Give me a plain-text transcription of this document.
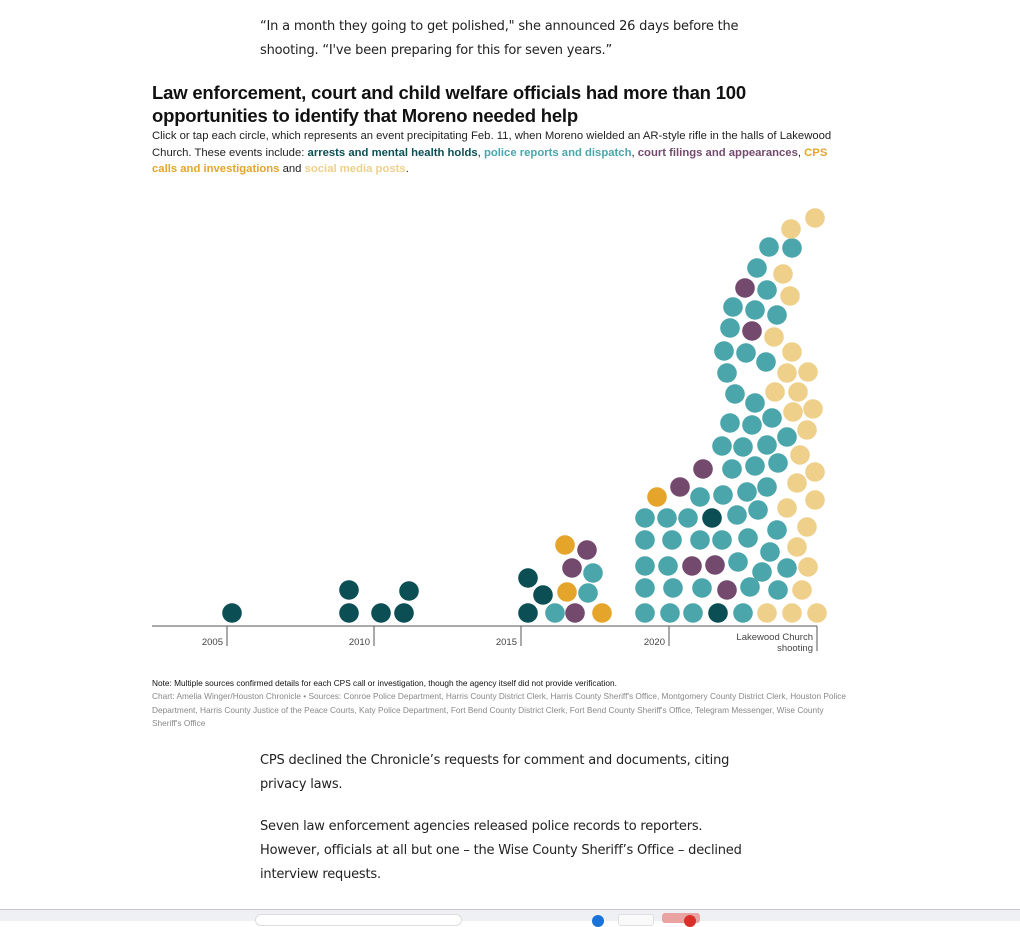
“In a month they going to get polished," she announced 26 days before the shooting. “I've been preparing for this for seven years.”

Law enforcement, court and child welfare officials had more than 100 opportunities to identify that Moreno needed help
Click or tap each circle, which represents an event precipitating Feb. 11, when Moreno wielded an AR-style rifle in the halls of Lakewood Church. These events include: arrests and mental health holds, police reports and dispatch, court filings and appearances, CPS calls and investigations and social media posts.
2005	2010	2015	2020	Lakewood Church shooting
Note: Multiple sources confirmed details for each CPS call or investigation, though the agency itself did not provide verification.
Chart: Amelia Winger/Houston Chronicle • Sources: Conroe Police Department, Harris County District Clerk, Harris County Sheriff's Office, Montgomery County District Clerk, Houston Police Department, Harris County Justice of the Peace Courts, Katy Police Department, Fort Bend County District Clerk, Fort Bend County Sheriff's Office, Telegram Messenger, Wise County Sheriff's Office

CPS declined the Chronicle’s requests for comment and documents, citing privacy laws.

Seven law enforcement agencies released police records to reporters. However, officials at all but one – the Wise County Sheriff’s Office – declined interview requests.
